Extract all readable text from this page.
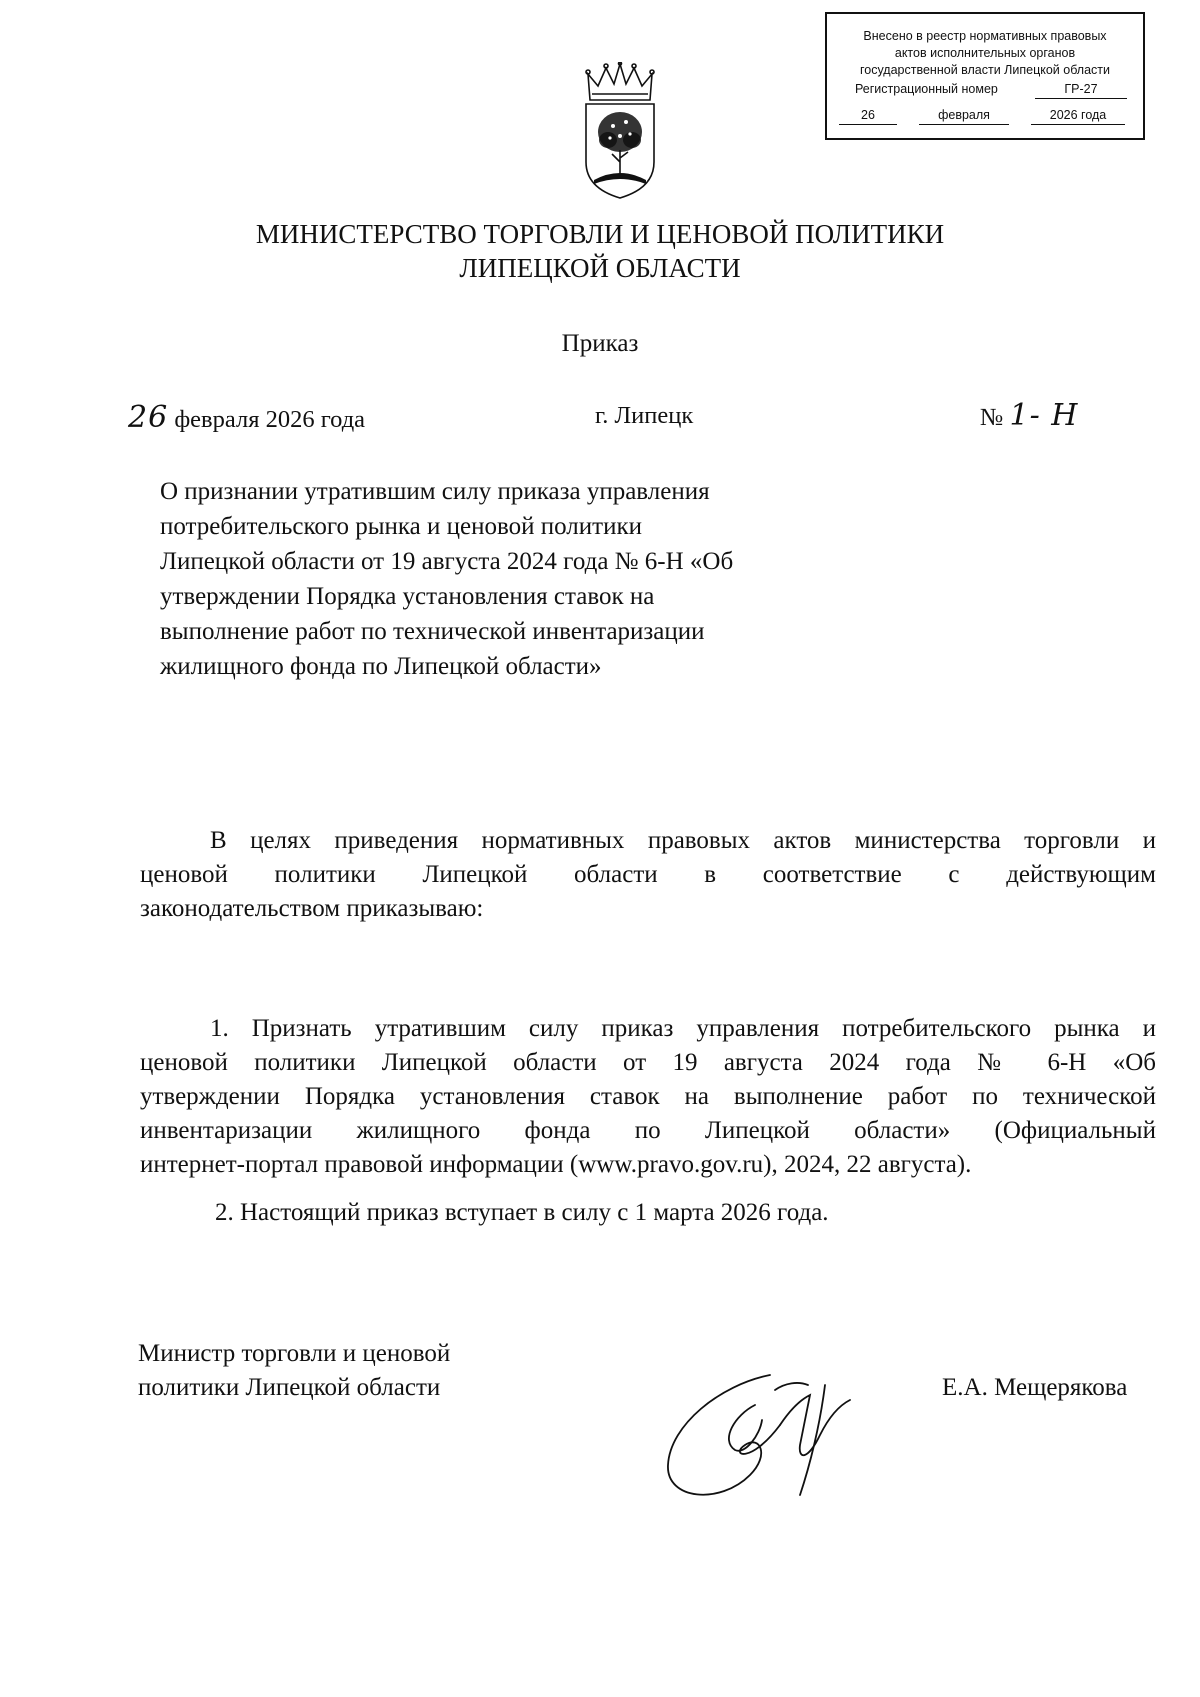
Внесено в реестр нормативных правовых
актов исполнительных органов
государственной власти Липецкой области
Регистрационный номер	ГР-27
26	февраля	2026 года
МИНИСТЕРСТВО ТОРГОВЛИ И ЦЕНОВОЙ ПОЛИТИКИ
ЛИПЕЦКОЙ ОБЛАСТИ
Приказ
26 февраля 2026 года	г. Липецк	№ 1- Н
О признании утратившим силу приказа управления
потребительского рынка и ценовой политики
Липецкой области от 19 августа 2024 года № 6-Н «Об
утверждении Порядка установления ставок на
выполнение работ по технической инвентаризации
жилищного фонда по Липецкой области»
В целях приведения нормативных правовых актов министерства торговли и
ценовой политики Липецкой области в соответствие с действующим
законодательством приказываю:
1. Признать утратившим силу приказ управления потребительского рынка и
ценовой политики Липецкой области от 19 августа 2024 года № 6-Н «Об
утверждении Порядка установления ставок на выполнение работ по технической
инвентаризации жилищного фонда по Липецкой области» (Официальный
интернет-портал правовой информации (www.pravo.gov.ru), 2024, 22 августа).
2. Настоящий приказ вступает в силу с 1 марта 2026 года.
Министр торговли и ценовой
политики Липецкой области	Е.А. Мещерякова
